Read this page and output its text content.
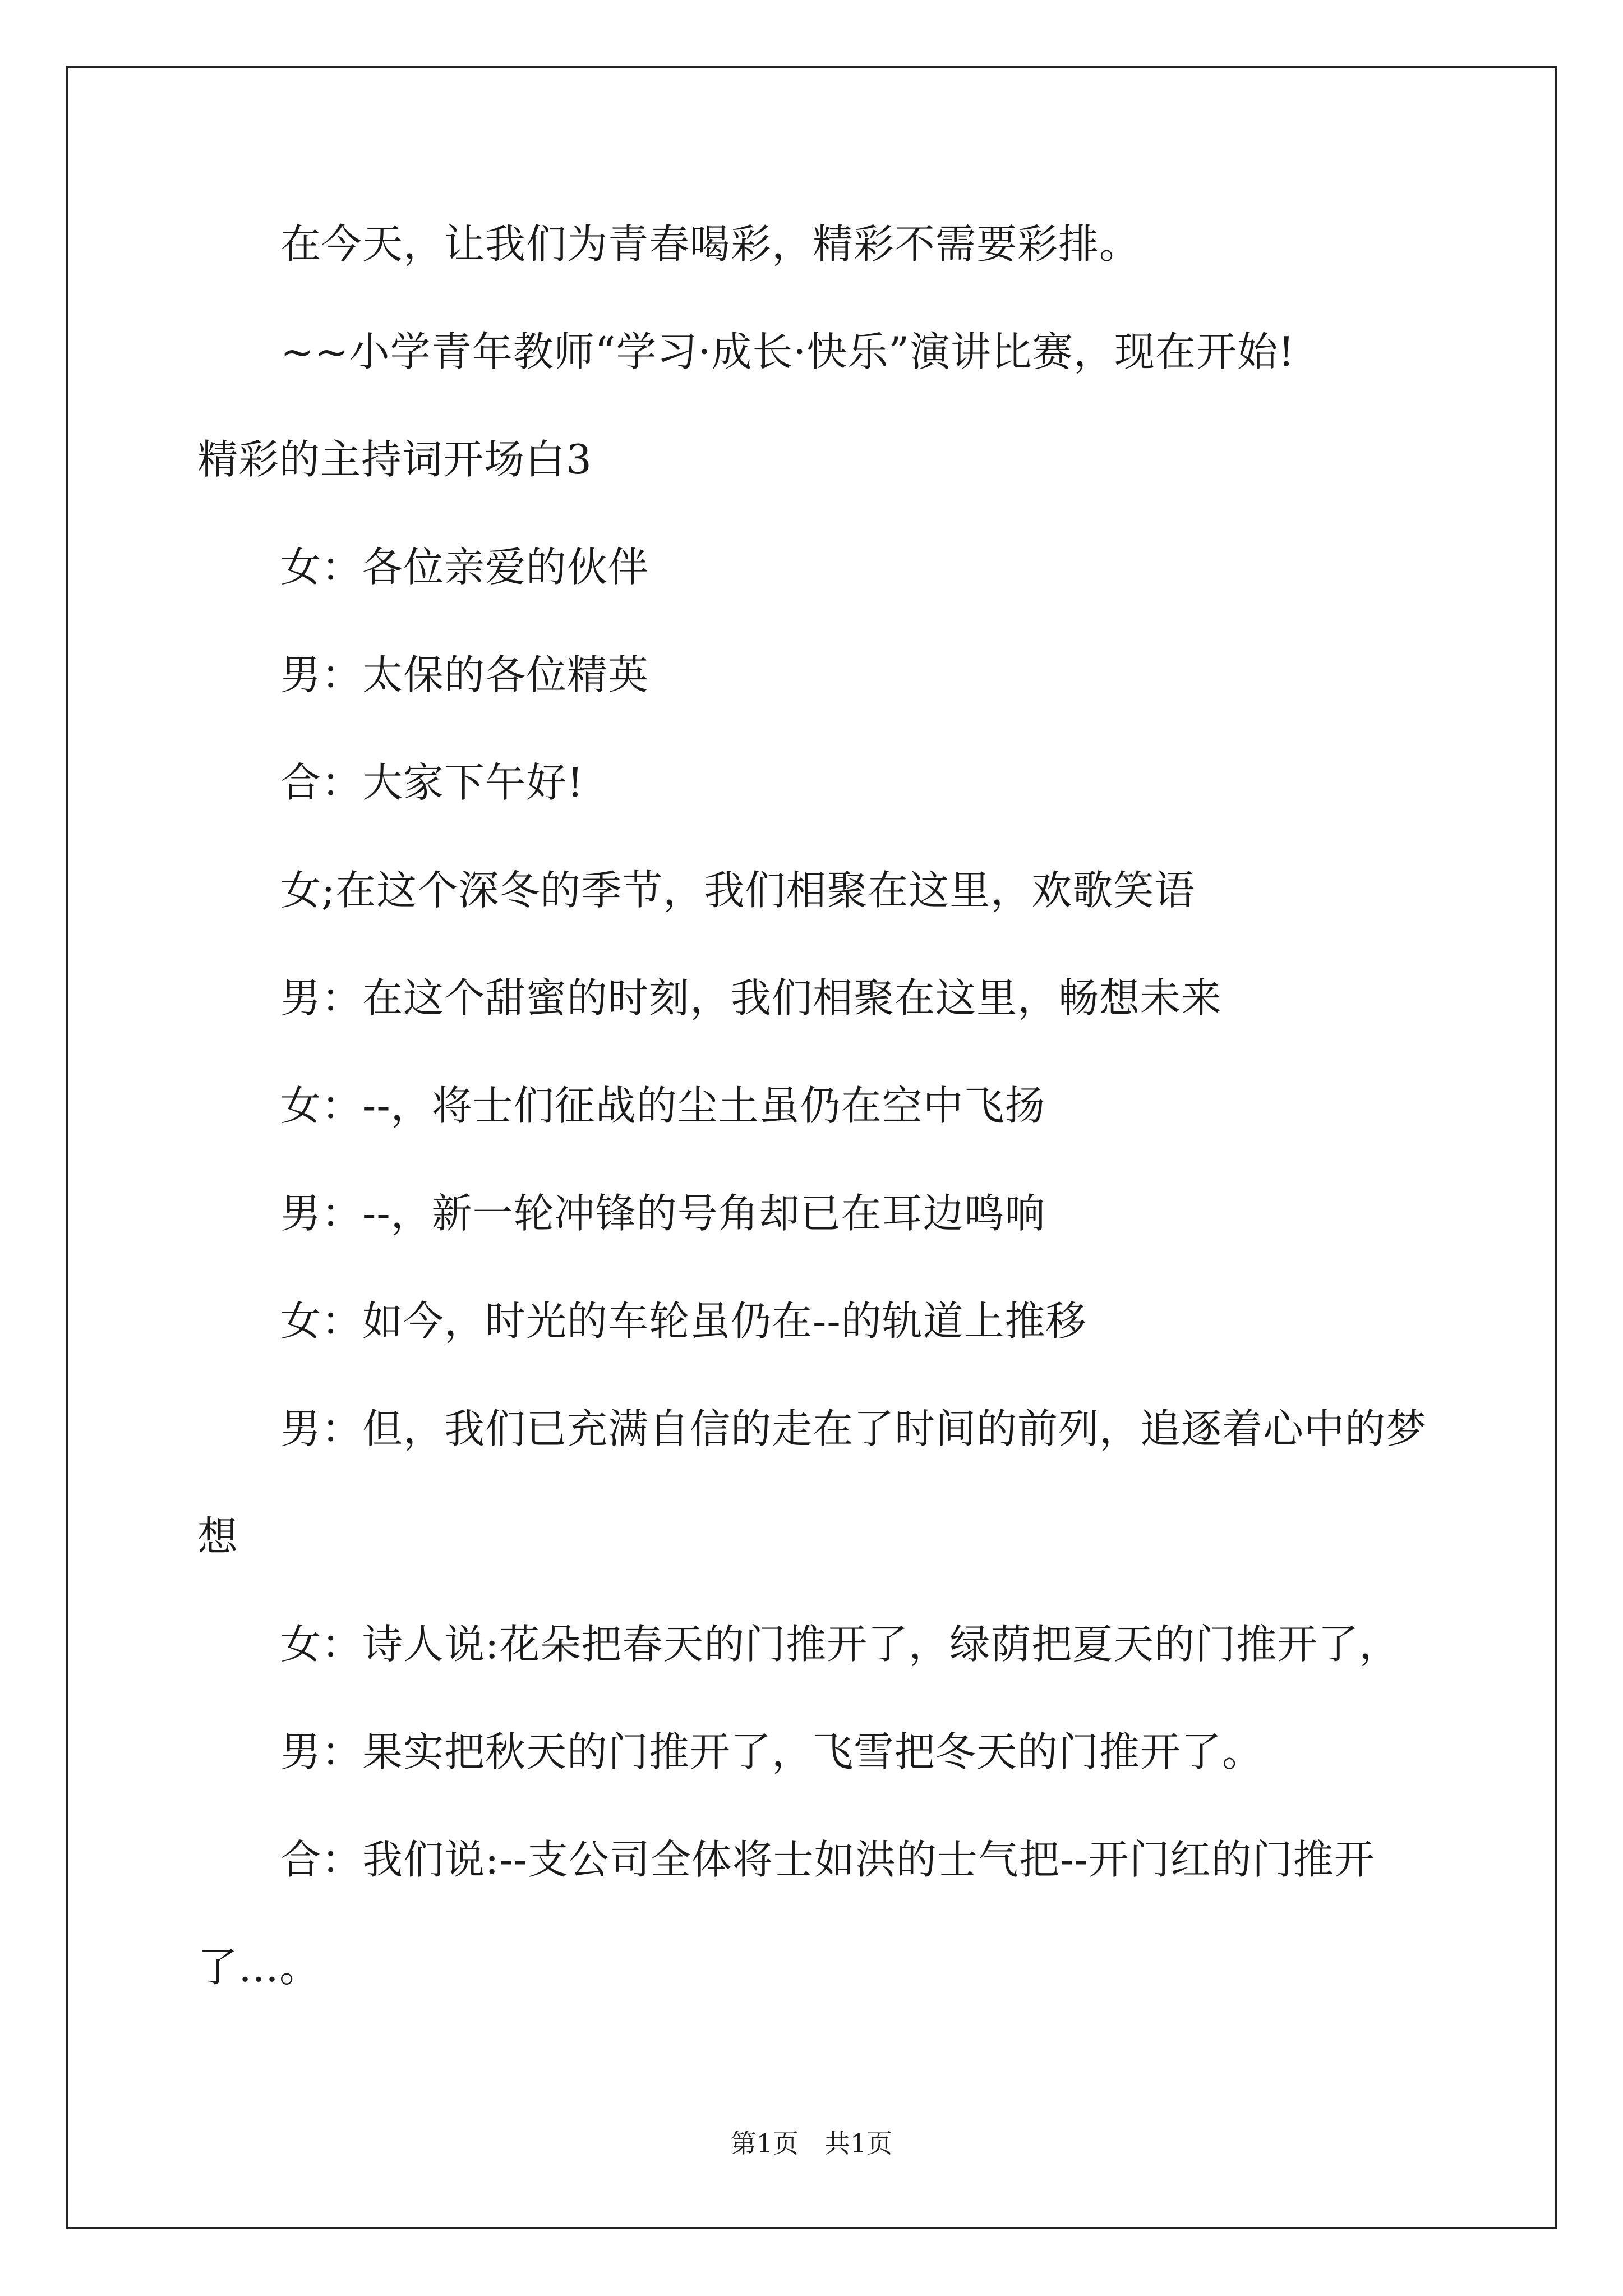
在今天，让我们为青春喝彩，精彩不需要彩排。

~~小学青年教师“学习·成长·快乐”演讲比赛，现在开始!

精彩的主持词开场白3

女：各位亲爱的伙伴

男：太保的各位精英

合：大家下午好!

女;在这个深冬的季节，我们相聚在这里，欢歌笑语

男：在这个甜蜜的时刻，我们相聚在这里，畅想未来

女：--，将士们征战的尘土虽仍在空中飞扬

男：--，新一轮冲锋的号角却已在耳边鸣响

女：如今，时光的车轮虽仍在--的轨道上推移

男：但，我们已充满自信的走在了时间的前列，追逐着心中的梦

想

女：诗人说:花朵把春天的门推开了，绿荫把夏天的门推开了，

男：果实把秋天的门推开了，飞雪把冬天的门推开了。

合：我们说:--支公司全体将士如洪的士气把--开门红的门推开

了…。

第1页　共1页
